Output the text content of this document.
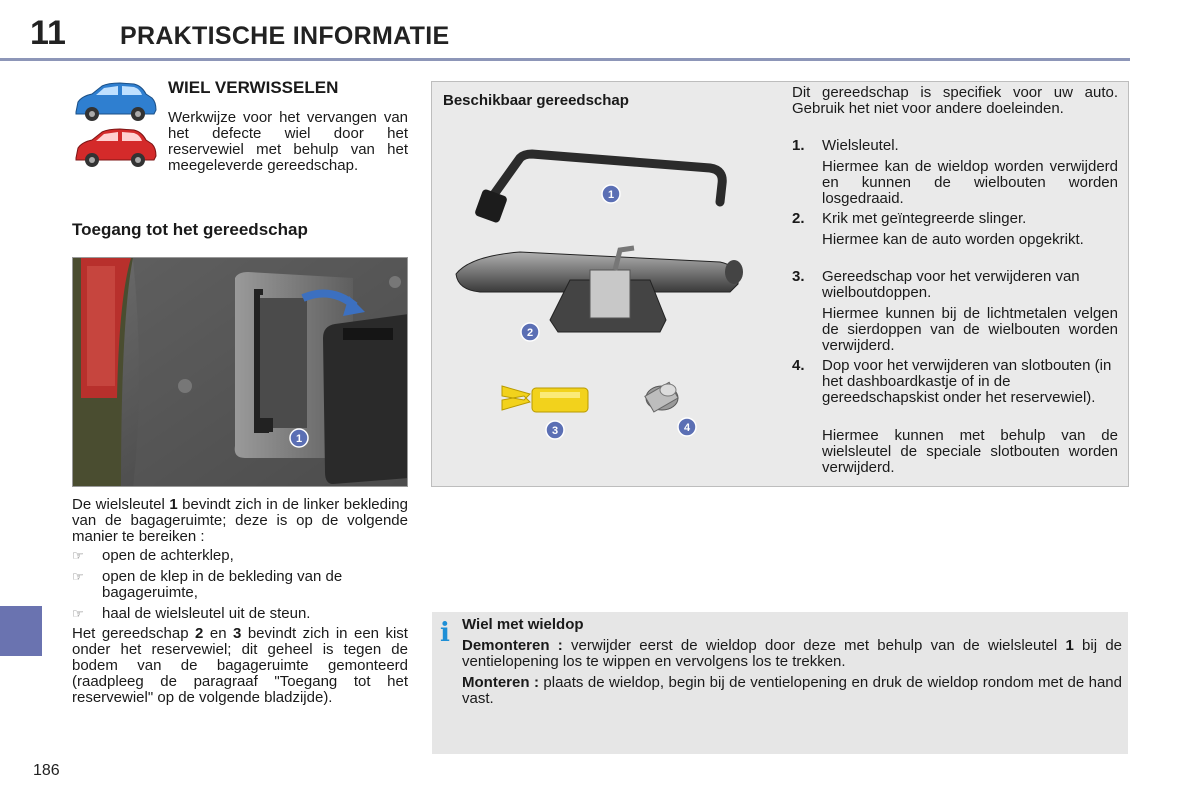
11 PRAKTISCHE INFORMATIE
WIEL VERWISSELEN
Werkwijze voor het vervangen van het defecte wiel door het reservewiel met behulp van het meegeleverde gereedschap.
Toegang tot het gereedschap
1
De wielsleutel 1 bevindt zich in de linker bekleding van de bagageruimte; deze is op de volgende manier te bereiken :
☞ open de achterklep,
☞ open de klep in de bekleding van de bagageruimte,
☞ haal de wielsleutel uit de steun.
Het gereedschap 2 en 3 bevindt zich in een kist onder het reservewiel; dit geheel is tegen de bodem van de bagageruimte gemonteerd (raadpleeg de paragraaf "Toegang tot het reservewiel" op de volgende bladzijde).
Beschikbaar gereedschap
1
2
3	4
Dit gereedschap is specifiek voor uw auto. Gebruik het niet voor andere doeleinden.
1. Wielsleutel.
Hiermee kan de wieldop worden verwijderd en kunnen de wielbouten worden losgedraaid.
2. Krik met geïntegreerde slinger.
Hiermee kan de auto worden opgekrikt.
3. Gereedschap voor het verwijderen van wielboutdoppen.
Hiermee kunnen bij de lichtmetalen velgen de sierdoppen van de wielbouten worden verwijderd.
4. Dop voor het verwijderen van slotbouten (in het dashboardkastje of in de gereedschapskist onder het reservewiel).
Hiermee kunnen met behulp van de wielsleutel de speciale slotbouten worden verwijderd.
i Wiel met wieldop
Demonteren : verwijder eerst de wieldop door deze met behulp van de wielsleutel 1 bij de ventielopening los te wippen en vervolgens los te trekken.
Monteren : plaats de wieldop, begin bij de ventielopening en druk de wieldop rondom met de hand vast.
186
